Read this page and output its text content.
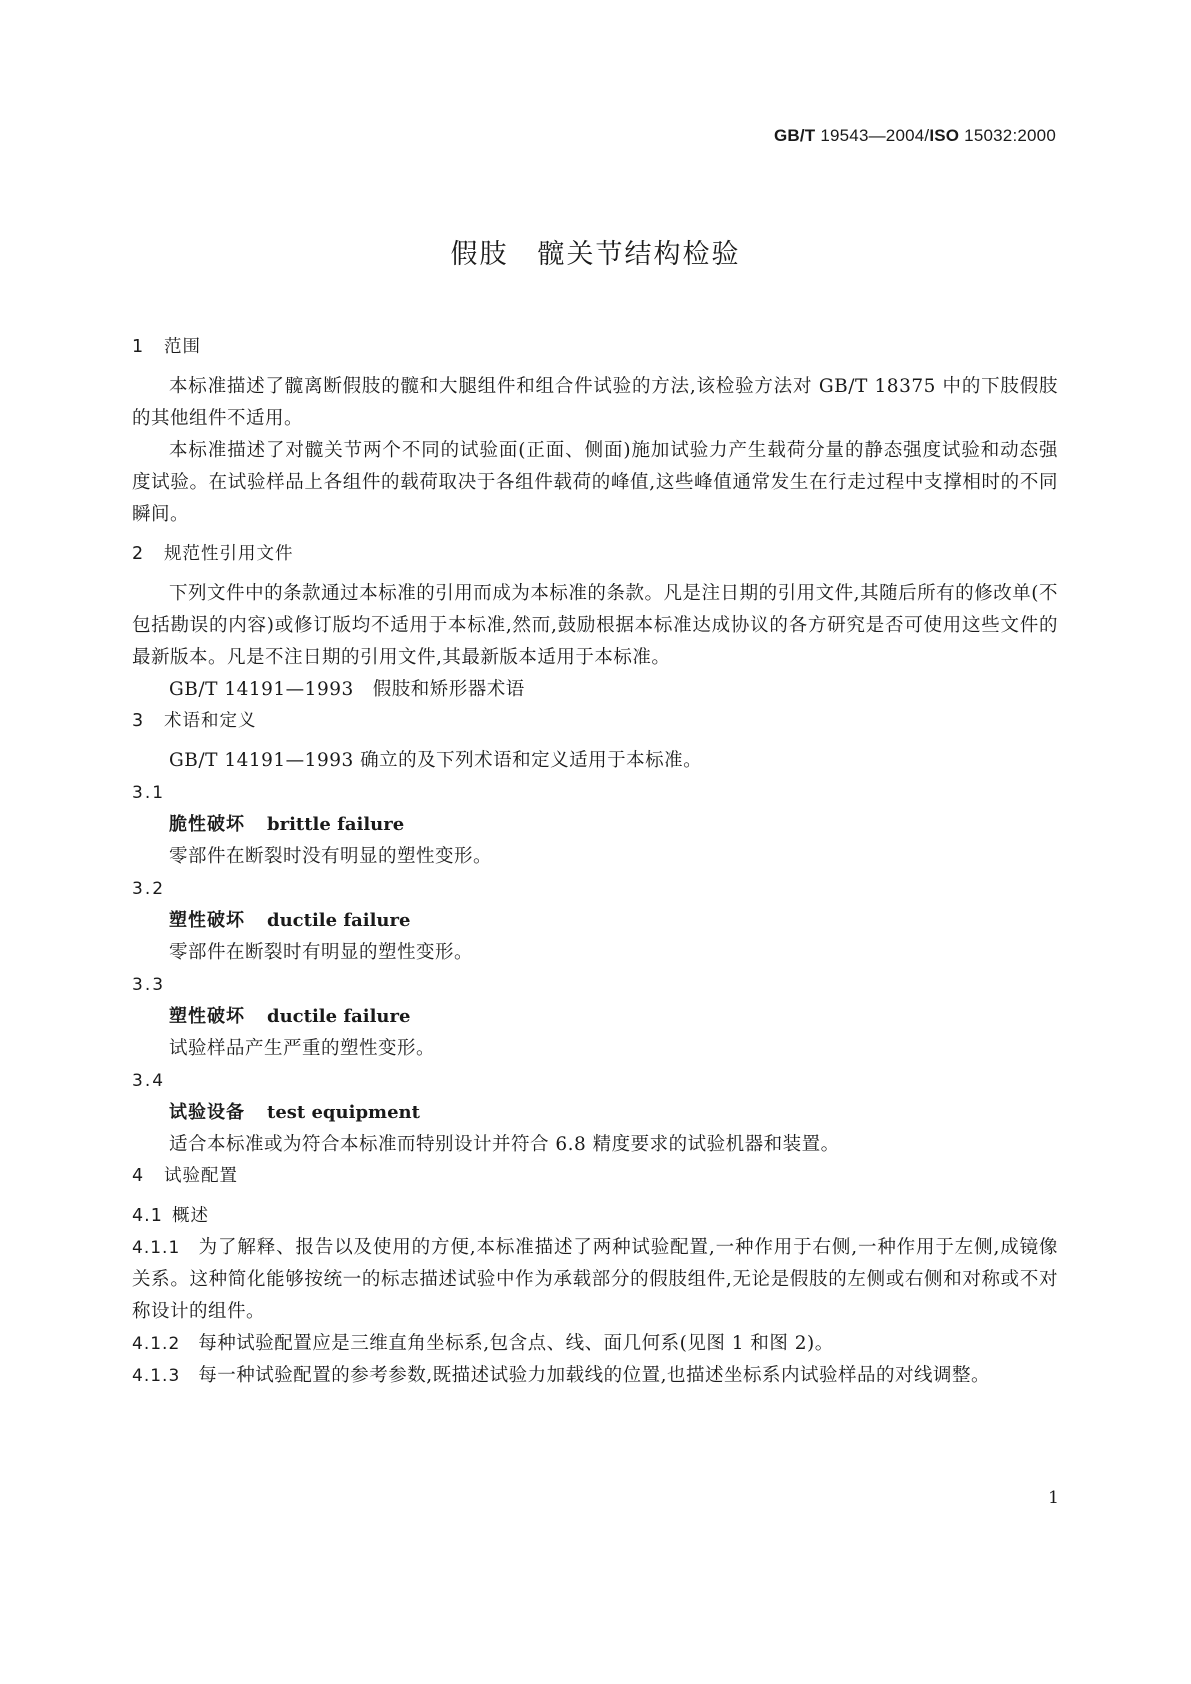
GB/T 19543—2004/ISO 15032:2000
假肢　髋关节结构检验
1 范围

本标准描述了髋离断假肢的髋和大腿组件和组合件试验的方法,该检验方法对 GB/T 18375 中的下肢假肢的其他组件不适用。

本标准描述了对髋关节两个不同的试验面(正面、侧面)施加试验力产生载荷分量的静态强度试验和动态强度试验。在试验样品上各组件的载荷取决于各组件载荷的峰值,这些峰值通常发生在行走过程中支撑相时的不同瞬间。

2 规范性引用文件

下列文件中的条款通过本标准的引用而成为本标准的条款。凡是注日期的引用文件,其随后所有的修改单(不包括勘误的内容)或修订版均不适用于本标准,然而,鼓励根据本标准达成协议的各方研究是否可使用这些文件的最新版本。凡是不注日期的引用文件,其最新版本适用于本标准。

GB/T 14191—1993　假肢和矫形器术语

3 术语和定义

GB/T 14191—1993 确立的及下列术语和定义适用于本标准。

3.1

脆性破坏 brittle failure

零部件在断裂时没有明显的塑性变形。

3.2

塑性破坏 ductile failure

零部件在断裂时有明显的塑性变形。

3.3

塑性破坏 ductile failure

试验样品产生严重的塑性变形。

3.4

试验设备 test equipment

适合本标准或为符合本标准而特别设计并符合 6.8 精度要求的试验机器和装置。

4 试验配置
4.1 概述

4.1.1 为了解释、报告以及使用的方便,本标准描述了两种试验配置,一种作用于右侧,一种作用于左侧,成镜像关系。这种简化能够按统一的标志描述试验中作为承载部分的假肢组件,无论是假肢的左侧或右侧和对称或不对称设计的组件。

4.1.2 每种试验配置应是三维直角坐标系,包含点、线、面几何系(见图 1 和图 2)。

4.1.3 每一种试验配置的参考参数,既描述试验力加载线的位置,也描述坐标系内试验样品的对线调整。

1
